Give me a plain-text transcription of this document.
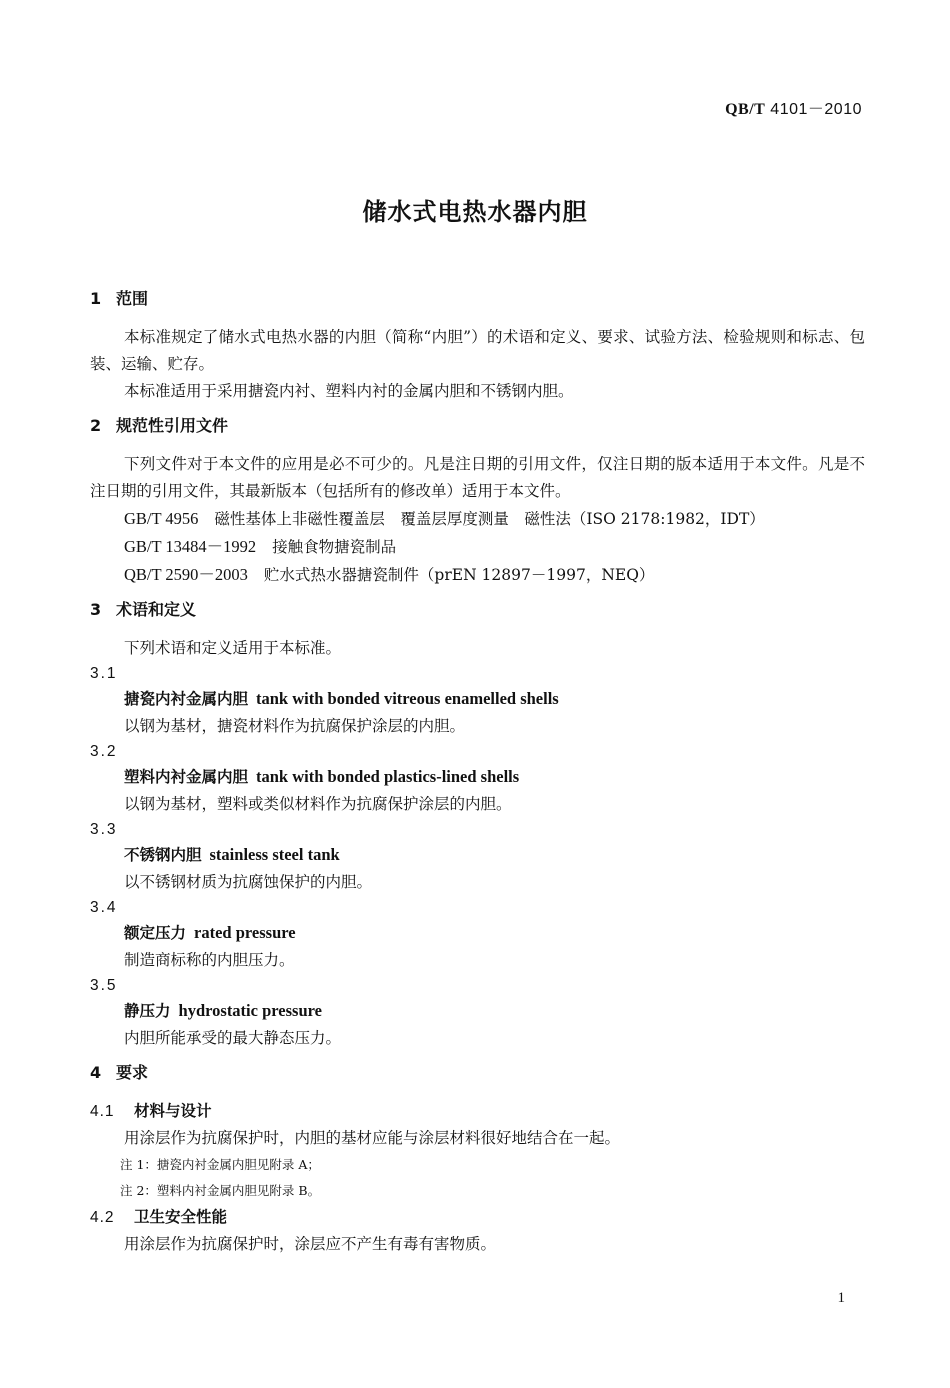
QB/T 4101－2010
储水式电热水器内胆
1 范围

本标准规定了储水式电热水器的内胆（简称“内胆”）的术语和定义、要求、试验方法、检验规则和标志、包装、运输、贮存。

本标准适用于采用搪瓷内衬、塑料内衬的金属内胆和不锈钢内胆。

2 规范性引用文件

下列文件对于本文件的应用是必不可少的。凡是注日期的引用文件，仅注日期的版本适用于本文件。凡是不注日期的引用文件，其最新版本（包括所有的修改单）适用于本文件。

GB/T 4956 磁性基体上非磁性覆盖层　覆盖层厚度测量　磁性法（ISO 2178:1982，IDT）

GB/T 13484－1992 接触食物搪瓷制品

QB/T 2590－2003 贮水式热水器搪瓷制件（prEN 12897－1997，NEQ）

3 术语和定义

下列术语和定义适用于本标准。

3.1

搪瓷内衬金属内胆 tank with bonded vitreous enamelled shells

以钢为基材，搪瓷材料作为抗腐保护涂层的内胆。

3.2

塑料内衬金属内胆 tank with bonded plastics-lined shells

以钢为基材，塑料或类似材料作为抗腐保护涂层的内胆。

3.3

不锈钢内胆 stainless steel tank

以不锈钢材质为抗腐蚀保护的内胆。

3.4

额定压力 rated pressure

制造商标称的内胆压力。

3.5

静压力 hydrostatic pressure

内胆所能承受的最大静态压力。

4 要求
4.1 材料与设计

用涂层作为抗腐保护时，内胆的基材应能与涂层材料很好地结合在一起。

注 1：搪瓷内衬金属内胆见附录 A；

注 2：塑料内衬金属内胆见附录 B。

4.2 卫生安全性能

用涂层作为抗腐保护时，涂层应不产生有毒有害物质。

1
